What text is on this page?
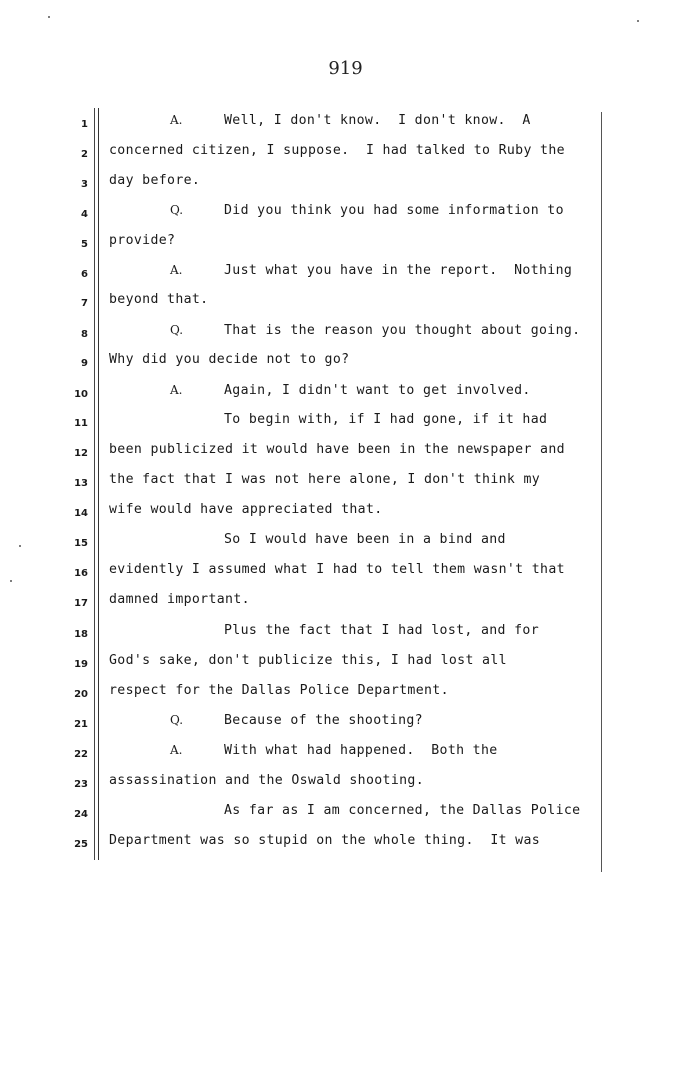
919
1	A.	Well, I don't know.  I don't know.  A
2 concerned citizen, I suppose.  I had talked to Ruby the
3 day before.
4	Q.	Did you think you had some information to
5 provide?
6	A.	Just what you have in the report.  Nothing
7 beyond that.
8	Q.	That is the reason you thought about going.
9 Why did you decide not to go?
10	A.	Again, I didn't want to get involved.
11	To begin with, if I had gone, if it had
12 been publicized it would have been in the newspaper and
13 the fact that I was not here alone, I don't think my
14 wife would have appreciated that.
15	So I would have been in a bind and
16 evidently I assumed what I had to tell them wasn't that
17 damned important.
18	Plus the fact that I had lost, and for
19 God's sake, don't publicize this, I had lost all
20 respect for the Dallas Police Department.
21	Q.	Because of the shooting?
22	A.	With what had happened.  Both the
23 assassination and the Oswald shooting.
24	As far as I am concerned, the Dallas Police
25 Department was so stupid on the whole thing.  It was
